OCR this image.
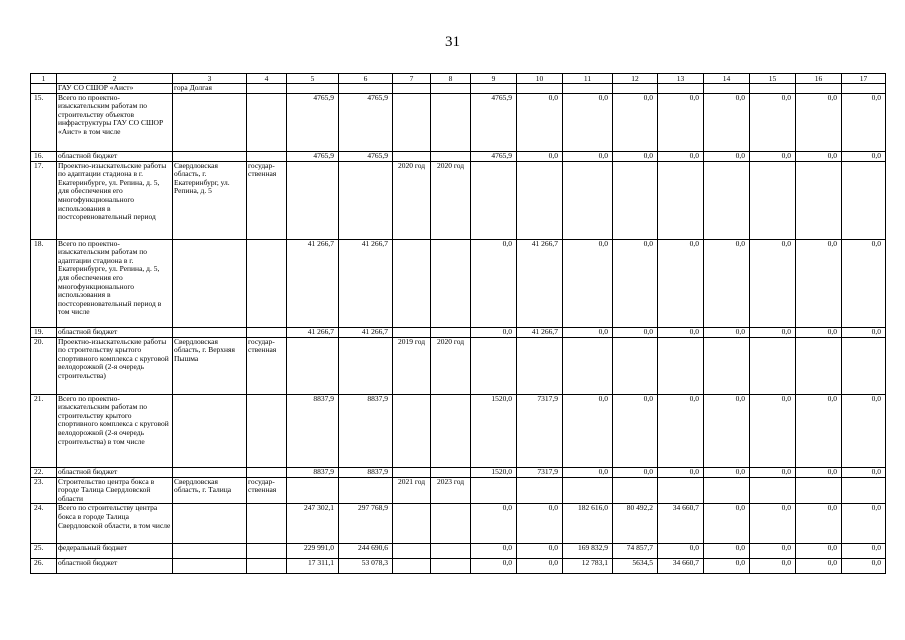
31
1	2	3	4	5	6	7	8	9	10	11	12	13	14	15	16	17
	ГАУ СО СШОР «Аист»	гора Долгая														
15.	Всего по проектно-изыскательским работам по строительству объектов инфраструктуры ГАУ СО СШОР «Аист» в том числе			4765,9	4765,9			4765,9	0,0	0,0	0,0	0,0	0,0	0,0	0,0	0,0
16.	областной бюджет			4765,9	4765,9			4765,9	0,0	0,0	0,0	0,0	0,0	0,0	0,0	0,0
17.	Проектно-изыскательские работы по адаптации стадиона в г. Екатеринбурге, ул. Репина, д. 5, для обеспечения его многофункционального использования в постсоревновательный период	Свердловская область, г. Екатеринбург, ул. Репина, д. 5	государ-ственная			2020 год	2020 год									
18.	Всего по проектно-изыскательским работам по адаптации стадиона в г. Екатеринбурге, ул. Репина, д. 5, для обеспечения его многофункционального использования в постсоревновательный период в том числе			41 266,7	41 266,7			0,0	41 266,7	0,0	0,0	0,0	0,0	0,0	0,0	0,0
19.	областной бюджет			41 266,7	41 266,7			0,0	41 266,7	0,0	0,0	0,0	0,0	0,0	0,0	0,0
20.	Проектно-изыскательские работы по строительству крытого спортивного комплекса с круговой велодорожкой (2-я очередь строительства)	Свердловская область, г. Верхняя Пышма	государ-ственная			2019 год	2020 год									
21.	Всего по проектно-изыскательским работам по строительству крытого спортивного комплекса с круговой велодорожкой (2-я очередь строительства) в том числе			8837,9	8837,9			1520,0	7317,9	0,0	0,0	0,0	0,0	0,0	0,0	0,0
22.	областной бюджет			8837,9	8837,9			1520,0	7317,9	0,0	0,0	0,0	0,0	0,0	0,0	0,0
23.	Строительство центра бокса в городе Талица Свердловской области	Свердловская область, г. Талица	государ-ственная			2021 год	2023 год									
24.	Всего по строительству центра бокса в городе Талица Свердловской области, в том числе			247 302,1	297 768,9			0,0	0,0	182 616,0	80 492,2	34 660,7	0,0	0,0	0,0	0,0
25.	федеральный бюджет			229 991,0	244 690,6			0,0	0,0	169 832,9	74 857,7	0,0	0,0	0,0	0,0	0,0
26.	областной бюджет			17 311,1	53 078,3			0,0	0,0	12 783,1	5634,5	34 660,7	0,0	0,0	0,0	0,0
